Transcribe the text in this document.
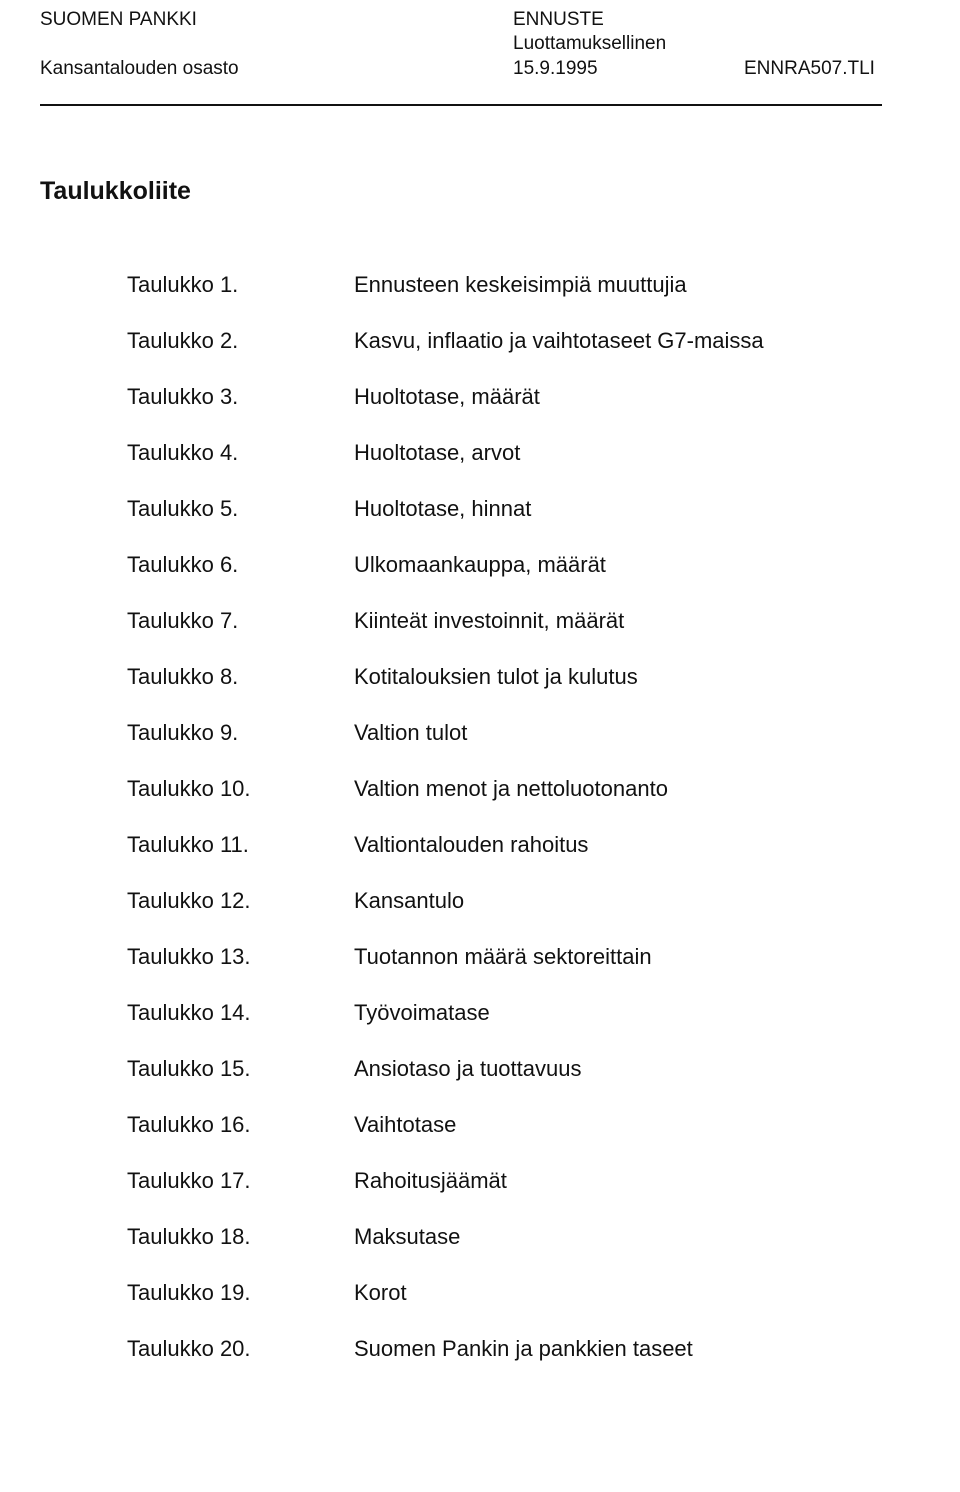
SUOMEN PANKKI
Kansantalouden osasto
ENNUSTE
Luottamuksellinen
15.9.1995	ENNRA507.TLI
Taulukkoliite
Taulukko 1.	Ennusteen keskeisimpiä muuttujia
Taulukko 2.	Kasvu, inflaatio ja vaihtotaseet G7-maissa
Taulukko 3.	Huoltotase, määrät
Taulukko 4.	Huoltotase, arvot
Taulukko 5.	Huoltotase, hinnat
Taulukko 6.	Ulkomaankauppa, määrät
Taulukko 7.	Kiinteät investoinnit, määrät
Taulukko 8.	Kotitalouksien tulot ja kulutus
Taulukko 9.	Valtion tulot
Taulukko 10.	Valtion menot ja nettoluotonanto
Taulukko 11.	Valtiontalouden rahoitus
Taulukko 12.	Kansantulo
Taulukko 13.	Tuotannon määrä sektoreittain
Taulukko 14.	Työvoimatase
Taulukko 15.	Ansiotaso ja tuottavuus
Taulukko 16.	Vaihtotase
Taulukko 17.	Rahoitusjäämät
Taulukko 18.	Maksutase
Taulukko 19.	Korot
Taulukko 20.	Suomen Pankin ja pankkien taseet
